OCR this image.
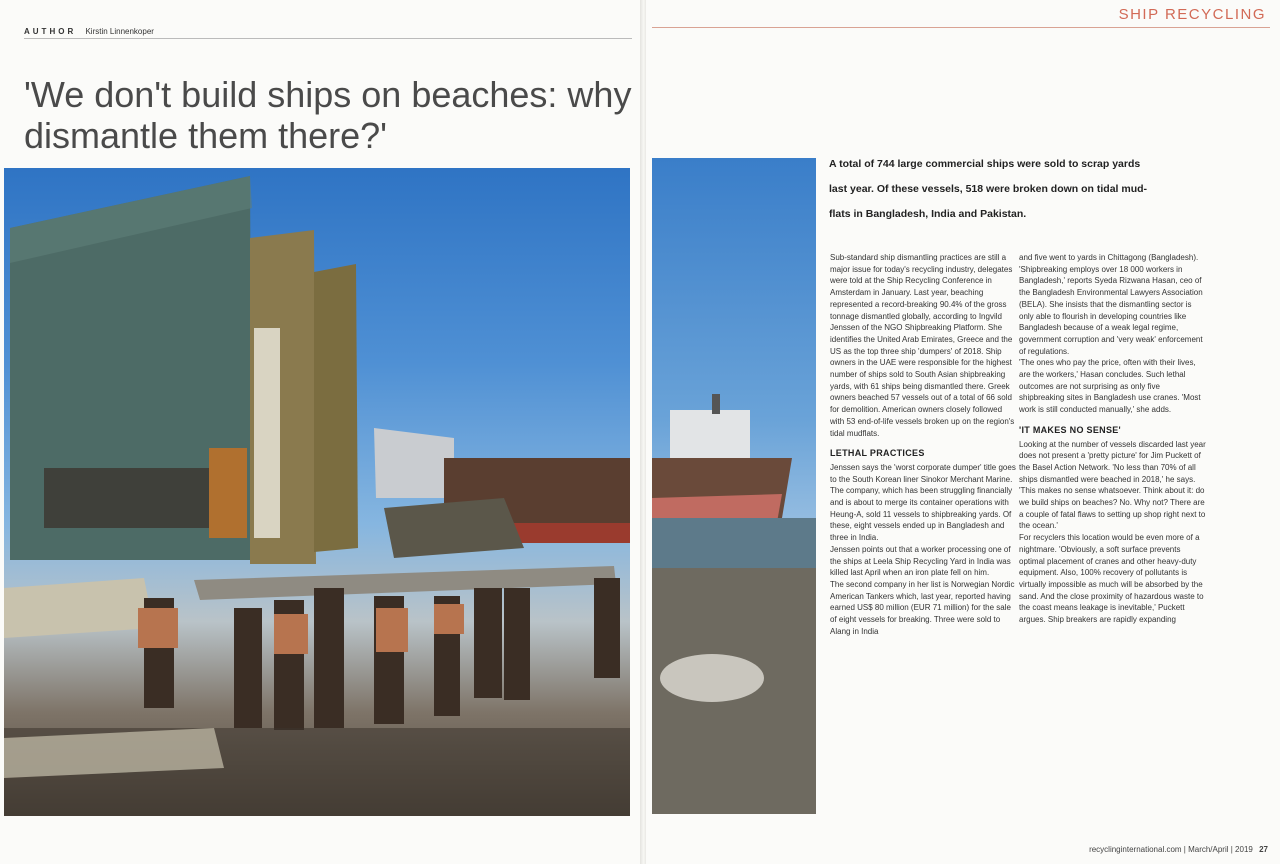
AUTHOR Kirstin Linnenkoper
'We don't build ships on beaches: why dismantle them there?'
SHIP RECYCLING

A total of 744 large commercial ships were sold to scrap yards last year. Of these vessels, 518 were broken down on tidal mud-flats in Bangladesh, India and Pakistan.

Sub-standard ship dismantling practices are still a major issue for today's recycling industry, delegates were told at the Ship Recycling Conference in Amsterdam in January. Last year, beaching represented a record-breaking 90.4% of the gross tonnage dismantled globally, according to Ingvild Jenssen of the NGO Shipbreaking Platform. She identifies the United Arab Emirates, Greece and the US as the top three ship 'dumpers' of 2018. Ship owners in the UAE were responsible for the highest number of ships sold to South Asian shipbreaking yards, with 61 ships being dismantled there. Greek owners beached 57 vessels out of a total of 66 sold for demolition. American owners closely followed with 53 end-of-life vessels broken up on the region's tidal mudflats.

LETHAL PRACTICES

Jenssen says the 'worst corporate dumper' title goes to the South Korean liner Sinokor Merchant Marine. The company, which has been struggling financially and is about to merge its container operations with Heung-A, sold 11 vessels to shipbreaking yards. Of these, eight vessels ended up in Bangladesh and three in India.

Jenssen points out that a worker processing one of the ships at Leela Ship Recycling Yard in India was killed last April when an iron plate fell on him.

The second company in her list is Norwegian Nordic American Tankers which, last year, reported having earned US$ 80 million (EUR 71 million) for the sale of eight vessels for breaking. Three were sold to Alang in India

and five went to yards in Chittagong (Bangladesh).

'Shipbreaking employs over 18 000 workers in Bangladesh,' reports Syeda Rizwana Hasan, ceo of the Bangladesh Environmental Lawyers Association (BELA). She insists that the dismantling sector is only able to flourish in developing countries like Bangladesh because of a weak legal regime, government corruption and 'very weak' enforcement of regulations.

'The ones who pay the price, often with their lives, are the workers,' Hasan concludes. Such lethal outcomes are not surprising as only five shipbreaking sites in Bangladesh use cranes. 'Most work is still conducted manually,' she adds.

'IT MAKES NO SENSE'

Looking at the number of vessels discarded last year does not present a 'pretty picture' for Jim Puckett of the Basel Action Network. 'No less than 70% of all ships dismantled were beached in 2018,' he says. 'This makes no sense whatsoever. Think about it: do we build ships on beaches? No. Why not? There are a couple of fatal flaws to setting up shop right next to the ocean.'

For recyclers this location would be even more of a nightmare. 'Obviously, a soft surface prevents optimal placement of cranes and other heavy-duty equipment. Also, 100% recovery of pollutants is virtually impossible as much will be absorbed by the sand. And the close proximity of hazardous waste to the coast means leakage is inevitable,' Puckett argues. Ship breakers are rapidly expanding

recyclinginternational.com | March/April | 2019 27
